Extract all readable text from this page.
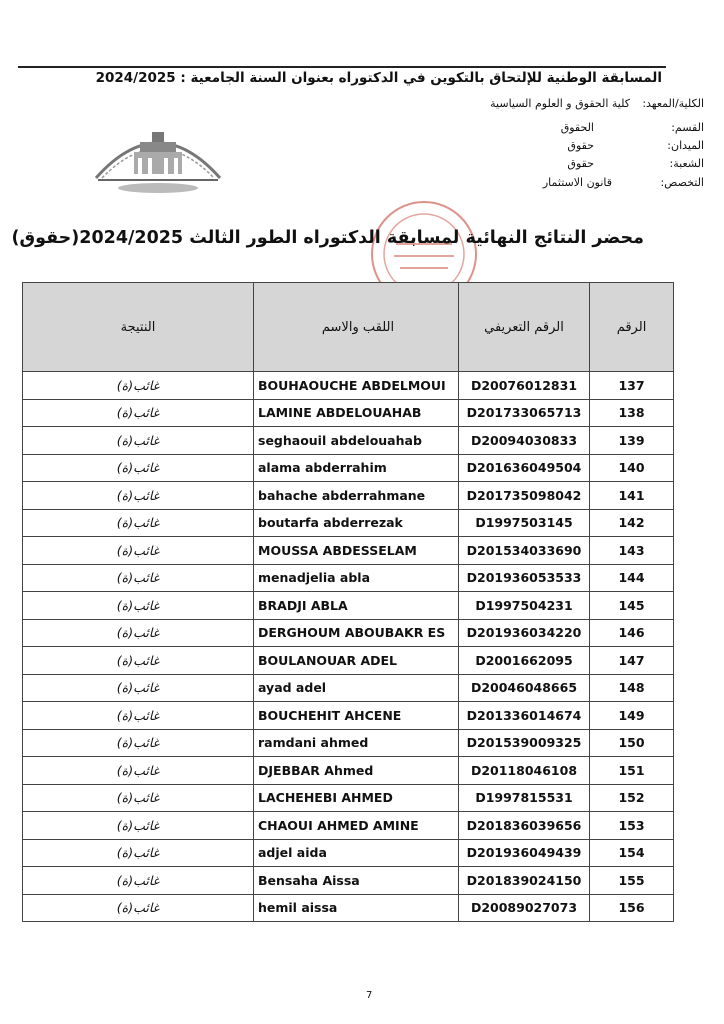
المسابقة الوطنية للإلتحاق بالتكوين في الدكتوراه بعنوان السنة الجامعية : 2024/2025
الكلية/المعهد:
كلية الحقوق و العلوم السياسية
القسم:
الحقوق
الميدان:
حقوق
الشعبة:
حقوق
التخصص:
قانون الاستثمار
محضر النتائج النهائية لمسابقة الدكتوراه الطور الثالث 2024/2025(حقوق)
النتيجة	اللقب والاسم	الرقم التعريفي	الرقم
غائب(ة)	BOUHAOUCHE ABDELMOUI	D20076012831	137
غائب(ة)	LAMINE ABDELOUAHAB	D201733065713	138
غائب(ة)	seghaouil abdelouahab	D20094030833	139
غائب(ة)	alama abderrahim	D201636049504	140
غائب(ة)	bahache abderrahmane	D201735098042	141
غائب(ة)	boutarfa abderrezak	D1997503145	142
غائب(ة)	MOUSSA ABDESSELAM	D201534033690	143
غائب(ة)	menadjelia abla	D201936053533	144
غائب(ة)	BRADJI ABLA	D1997504231	145
غائب(ة)	DERGHOUM ABOUBAKR ES	D201936034220	146
غائب(ة)	BOULANOUAR ADEL	D2001662095	147
غائب(ة)	ayad adel	D20046048665	148
غائب(ة)	BOUCHEHIT AHCENE	D201336014674	149
غائب(ة)	ramdani ahmed	D201539009325	150
غائب(ة)	DJEBBAR Ahmed	D20118046108	151
غائب(ة)	LACHEHEBI AHMED	D1997815531	152
غائب(ة)	CHAOUI AHMED AMINE	D201836039656	153
غائب(ة)	adjel aida	D201936049439	154
غائب(ة)	Bensaha Aissa	D201839024150	155
غائب(ة)	hemil aissa	D20089027073	156
7
